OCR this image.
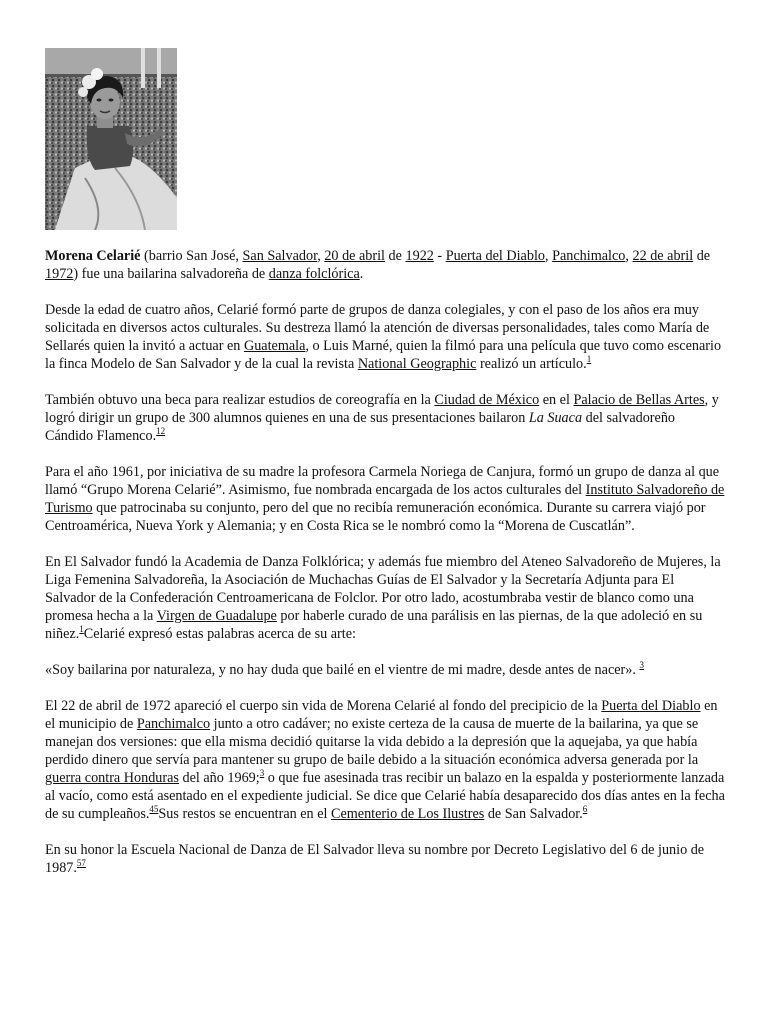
Morena Celarié (barrio San José, San Salvador, 20 de abril de 1922 - Puerta del Diablo, Panchimalco, 22 de abril de 1972) fue una bailarina salvadoreña de danza folclórica.

Desde la edad de cuatro años, Celarié formó parte de grupos de danza colegiales, y con el paso de los años era muy solicitada en diversos actos culturales. Su destreza llamó la atención de diversas personalidades, tales como María de Sellarés quien la invitó a actuar en Guatemala, o Luis Marné, quien la filmó para una película que tuvo como escenario la finca Modelo de San Salvador y de la cual la revista National Geographic realizó un artículo.$^1$

También obtuvo una beca para realizar estudios de coreografía en la Ciudad de México en el Palacio de Bellas Artes, y logró dirigir un grupo de 300 alumnos quienes en una de sus presentaciones bailaron La Suaca del salvadoreño Cándido Flamenco.$^{12}$

Para el año 1961, por iniciativa de su madre la profesora Carmela Noriega de Canjura, formó un grupo de danza al que llamó “Grupo Morena Celarié”. Asimismo, fue nombrada encargada de los actos culturales del Instituto Salvadoreño de Turismo que patrocinaba su conjunto, pero del que no recibía remuneración económica. Durante su carrera viajó por Centroamérica, Nueva York y Alemania; y en Costa Rica se le nombró como la “Morena de Cuscatlán”.

En El Salvador fundó la Academia de Danza Folklórica; y además fue miembro del Ateneo Salvadoreño de Mujeres, la Liga Femenina Salvadoreña, la Asociación de Muchachas Guías de El Salvador y la Secretaría Adjunta para El Salvador de la Confederación Centroamericana de Folclor. Por otro lado, acostumbraba vestir de blanco como una promesa hecha a la Virgen de Guadalupe por haberle curado de una parálisis en las piernas, de la que adoleció en su niñez.$^1$Celarié expresó estas palabras acerca de su arte:

«Soy bailarina por naturaleza, y no hay duda que bailé en el vientre de mi madre, desde antes de nacer». $^3$

El 22 de abril de 1972 apareció el cuerpo sin vida de Morena Celarié al fondo del precipicio de la Puerta del Diablo en el municipio de Panchimalco junto a otro cadáver; no existe certeza de la causa de muerte de la bailarina, ya que se manejan dos versiones: que ella misma decidió quitarse la vida debido a la depresión que la aquejaba, ya que había perdido dinero que servía para mantener su grupo de baile debido a la situación económica adversa generada por la guerra contra Honduras del año 1969;$^3$ o que fue asesinada tras recibir un balazo en la espalda y posteriormente lanzada al vacío, como está asentado en el expediente judicial. Se dice que Celarié había desaparecido dos días antes en la fecha de su cumpleaños.$^{45}$Sus restos se encuentran en el Cementerio de Los Ilustres de San Salvador.$^6$

En su honor la Escuela Nacional de Danza de El Salvador lleva su nombre por Decreto Legislativo del 6 de junio de 1987.57
